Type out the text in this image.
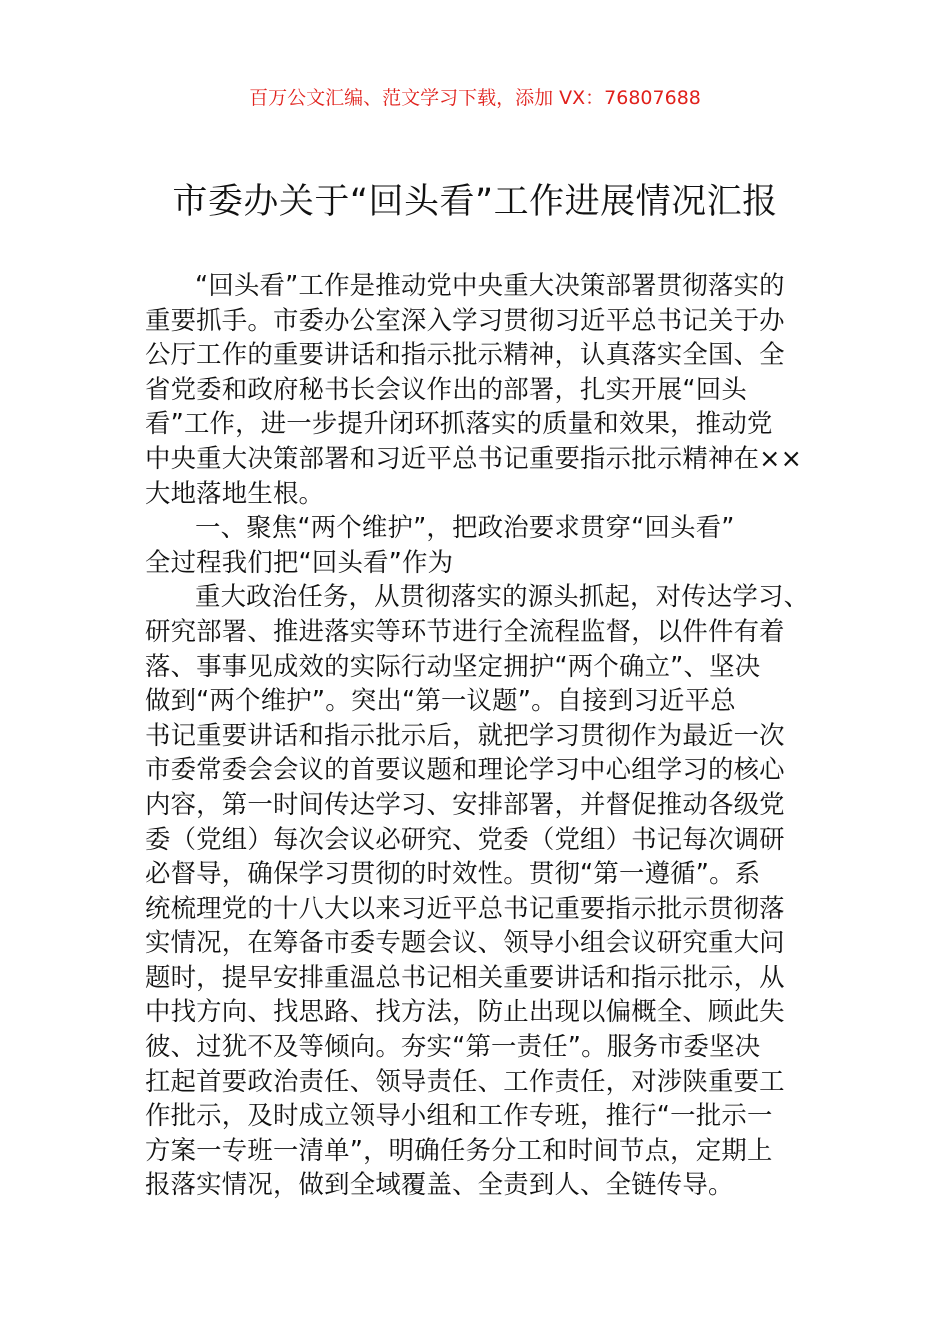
百万公文汇编、范文学习下载，添加 VX：76807688
市委办关于“回头看”工作进展情况汇报
“回头看”工作是推动党中央重大决策部署贯彻落实的
重要抓手。市委办公室深入学习贯彻习近平总书记关于办
公厅工作的重要讲话和指示批示精神，认真落实全国、全
省党委和政府秘书长会议作出的部署，扎实开展“回头
看”工作，进一步提升闭环抓落实的质量和效果，推动党
中央重大决策部署和习近平总书记重要指示批示精神在××
大地落地生根。
一、聚焦“两个维护”，把政治要求贯穿“回头看”
全过程我们把“回头看”作为
重大政治任务，从贯彻落实的源头抓起，对传达学习、
研究部署、推进落实等环节进行全流程监督，以件件有着
落、事事见成效的实际行动坚定拥护“两个确立”、坚决
做到“两个维护”。突出“第一议题”。自接到习近平总
书记重要讲话和指示批示后，就把学习贯彻作为最近一次
市委常委会会议的首要议题和理论学习中心组学习的核心
内容，第一时间传达学习、安排部署，并督促推动各级党
委（党组）每次会议必研究、党委（党组）书记每次调研
必督导，确保学习贯彻的时效性。贯彻“第一遵循”。系
统梳理党的十八大以来习近平总书记重要指示批示贯彻落
实情况，在筹备市委专题会议、领导小组会议研究重大问
题时，提早安排重温总书记相关重要讲话和指示批示，从
中找方向、找思路、找方法，防止出现以偏概全、顾此失
彼、过犹不及等倾向。夯实“第一责任”。服务市委坚决
扛起首要政治责任、领导责任、工作责任，对涉陕重要工
作批示，及时成立领导小组和工作专班，推行“一批示一
方案一专班一清单”，明确任务分工和时间节点，定期上
报落实情况，做到全域覆盖、全责到人、全链传导。
